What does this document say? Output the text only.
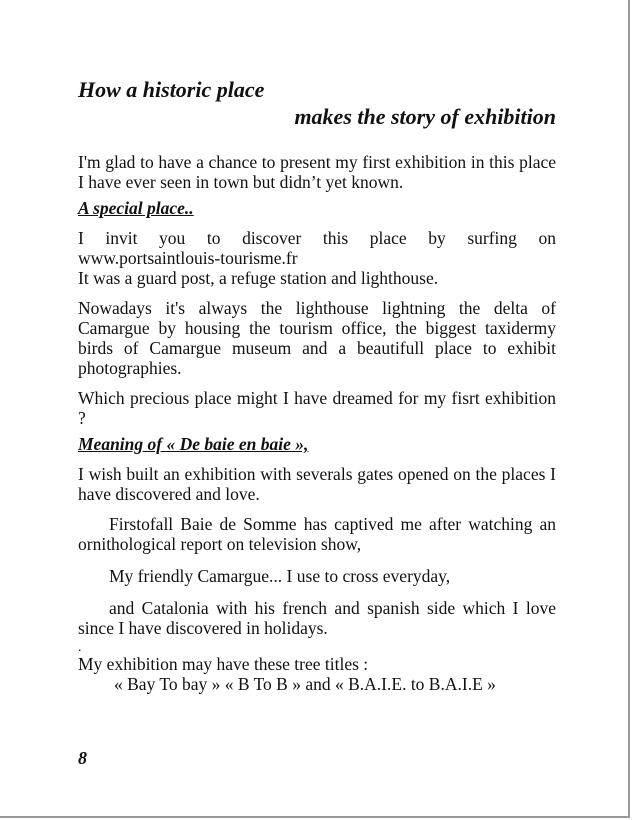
How a historic place
makes the story of exhibition

I'm glad to have a chance to present my first exhibition in this place I have ever seen in town but didn’t yet known.

A special place..

I invit you to discover this place by surfing on

www.portsaintlouis-tourisme.fr

It was a guard post, a refuge station and lighthouse.

Nowadays it's always the lighthouse lightning the delta of Camargue by housing the tourism office, the biggest taxidermy birds of Camargue museum and a beautifull place to exhibit photographies.

Which precious place might I have dreamed for my fisrt exhibition ?

Meaning of « De baie en baie »,

I wish built an exhibition with severals gates opened on the places I have discovered and love.

Firstofall Baie de Somme has captived me after watching an ornithological report on television show,

My friendly Camargue... I use to cross everyday,

and Catalonia with his french and spanish side which I love since I have discovered in holidays.

.

My exhibition may have these tree titles :

« Bay To bay » « B To B » and « B.A.I.E. to B.A.I.E »

8
